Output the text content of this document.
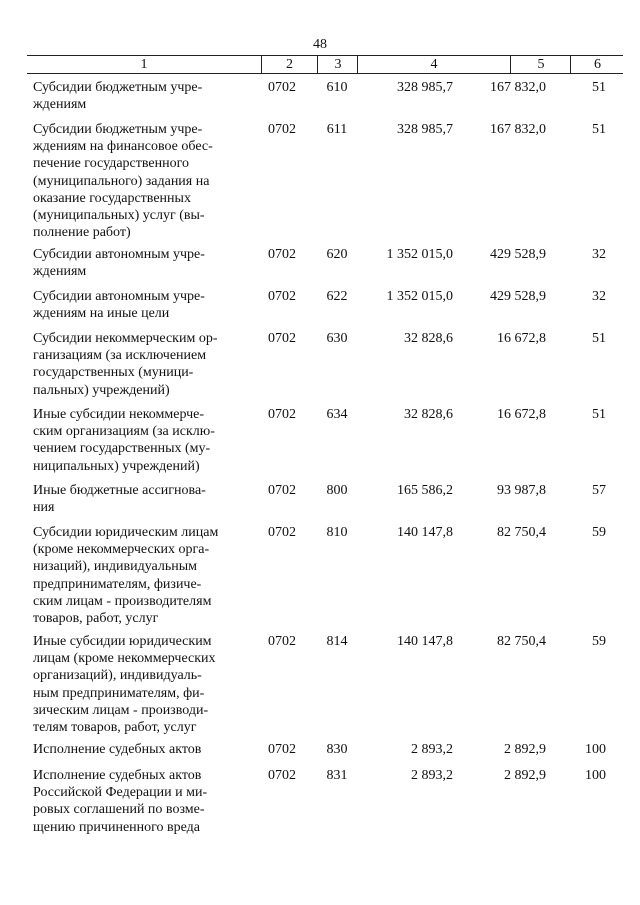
48
1	2	3	4	5	6
Субсидии бюджетным учре-
ждениям
0702	610	328 985,7	167 832,0	51
Субсидии бюджетным учре-
ждениям на финансовое обес-
печение государственного
(муниципального) задания на
оказание государственных
(муниципальных) услуг (вы-
полнение работ)
0702	611	328 985,7	167 832,0	51
Субсидии автономным учре-
ждениям
0702	620	1 352 015,0	429 528,9	32
Субсидии автономным учре-
ждениям на иные цели
0702	622	1 352 015,0	429 528,9	32
Субсидии некоммерческим ор-
ганизациям (за исключением
государственных (муници-
пальных) учреждений)
0702	630	32 828,6	16 672,8	51
Иные субсидии некоммерче-
ским организациям (за исклю-
чением государственных (му-
ниципальных) учреждений)
0702	634	32 828,6	16 672,8	51
Иные бюджетные ассигнова-
ния
0702	800	165 586,2	93 987,8	57
Субсидии юридическим лицам
(кроме некоммерческих орга-
низаций), индивидуальным
предпринимателям, физиче-
ским лицам - производителям
товаров, работ, услуг
0702	810	140 147,8	82 750,4	59
Иные субсидии юридическим
лицам (кроме некоммерческих
организаций), индивидуаль-
ным предпринимателям, фи-
зическим лицам - производи-
телям товаров, работ, услуг
0702	814	140 147,8	82 750,4	59
Исполнение судебных актов	0702	830	2 893,2	2 892,9	100
Исполнение судебных актов
Российской Федерации и ми-
ровых соглашений по возме-
щению причиненного вреда
0702	831	2 893,2	2 892,9	100
